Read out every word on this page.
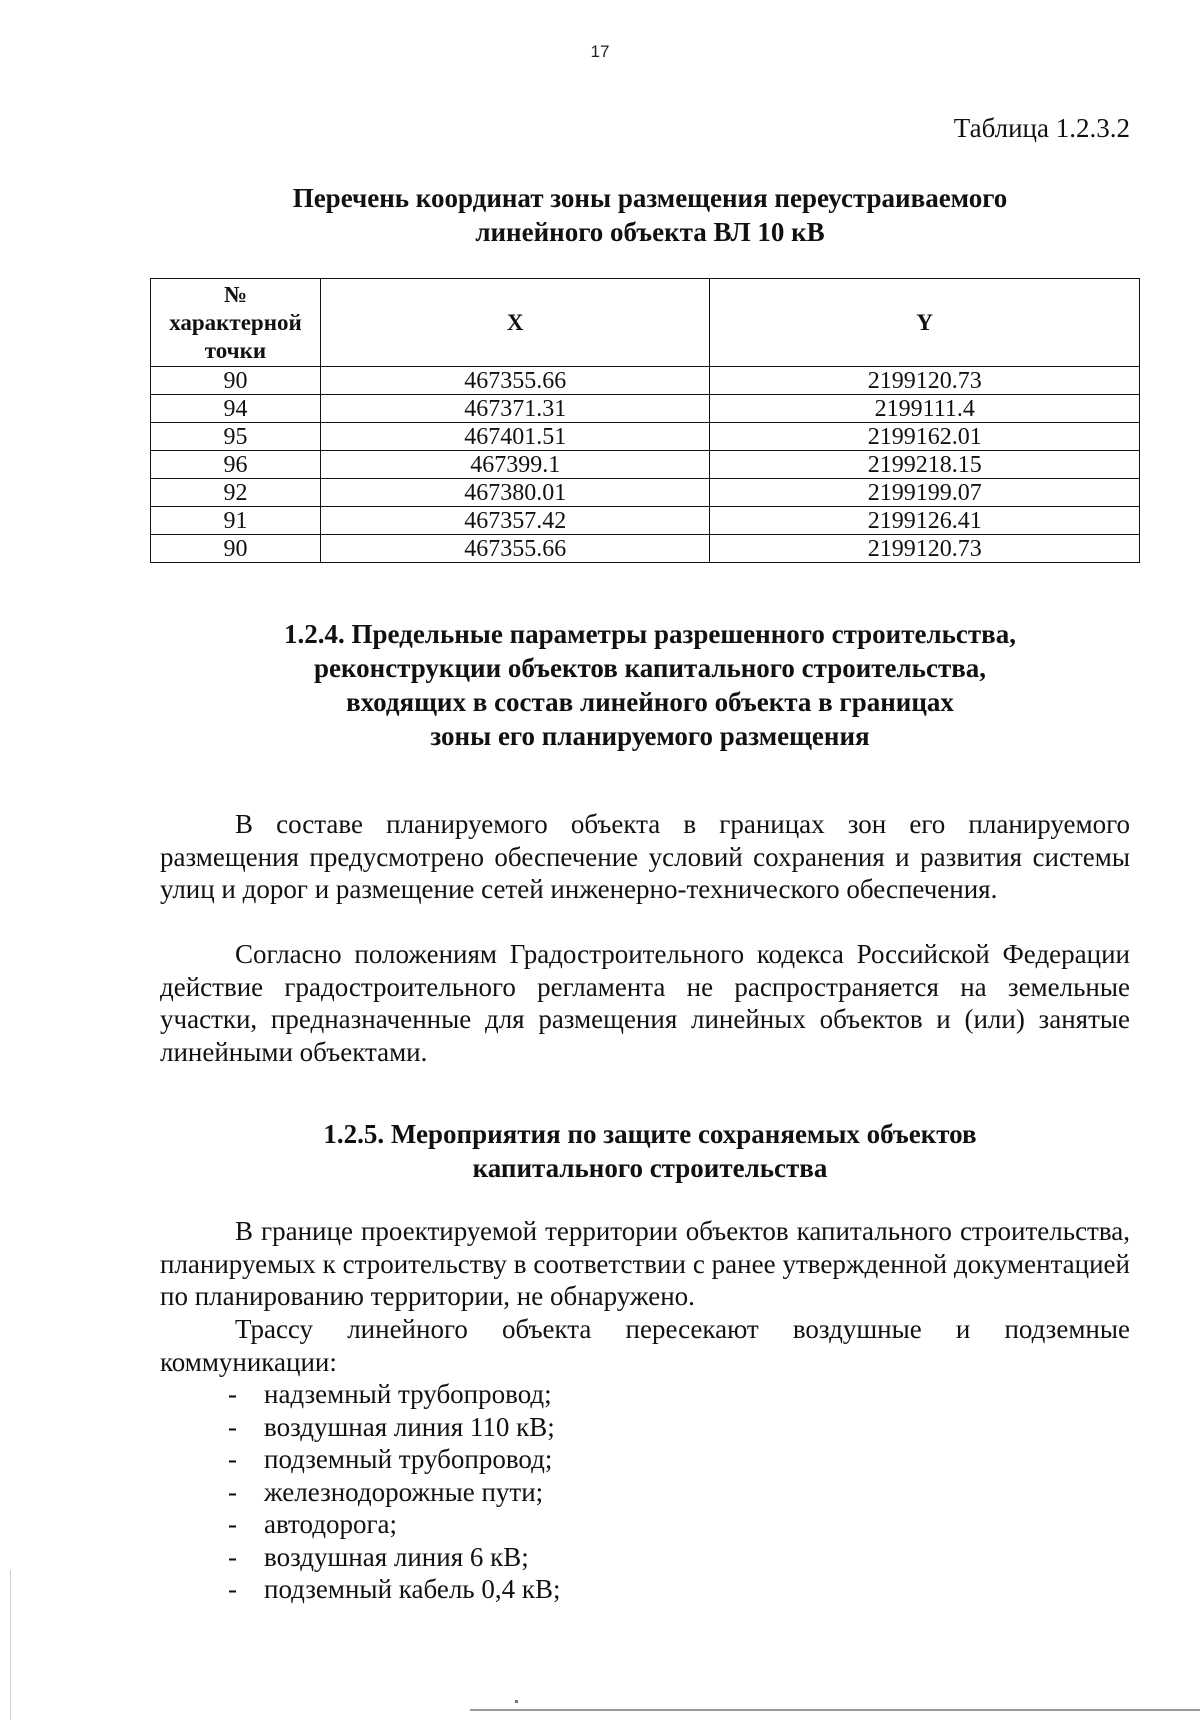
17
Таблица 1.2.3.2
Перечень координат зоны размещения переустраиваемого
линейного объекта ВЛ 10 кВ
№
характерной
точки	X	Y
90	467355.66	2199120.73
94	467371.31	2199111.4
95	467401.51	2199162.01
96	467399.1	2199218.15
92	467380.01	2199199.07
91	467357.42	2199126.41
90	467355.66	2199120.73
1.2.4. Предельные параметры разрешенного строительства,
реконструкции объектов капитального строительства,
входящих в состав линейного объекта в границах
зоны его планируемого размещения

В составе планируемого объекта в границах зон его планируемого размещения предусмотрено обеспечение условий сохранения и развития системы улиц и дорог и размещение сетей инженерно-технического обеспечения.

Согласно положениям Градостроительного кодекса Российской Федерации действие градостроительного регламента не распространяется на земельные участки, предназначенные для размещения линейных объектов и (или) занятые линейными объектами.

1.2.5. Мероприятия по защите сохраняемых объектов
капитального строительства

В границе проектируемой территории объектов капитального строительства, планируемых к строительству в соответствии с ранее утвержденной документацией по планированию территории, не обнаружено.

Трассу линейного объекта пересекают воздушные и подземные коммуникации:

- надземный трубопровод;
- воздушная линия 110 кВ;
- подземный трубопровод;
- железнодорожные пути;
- автодорога;
- воздушная линия 6 кВ;
- подземный кабель 0,4 кВ;
